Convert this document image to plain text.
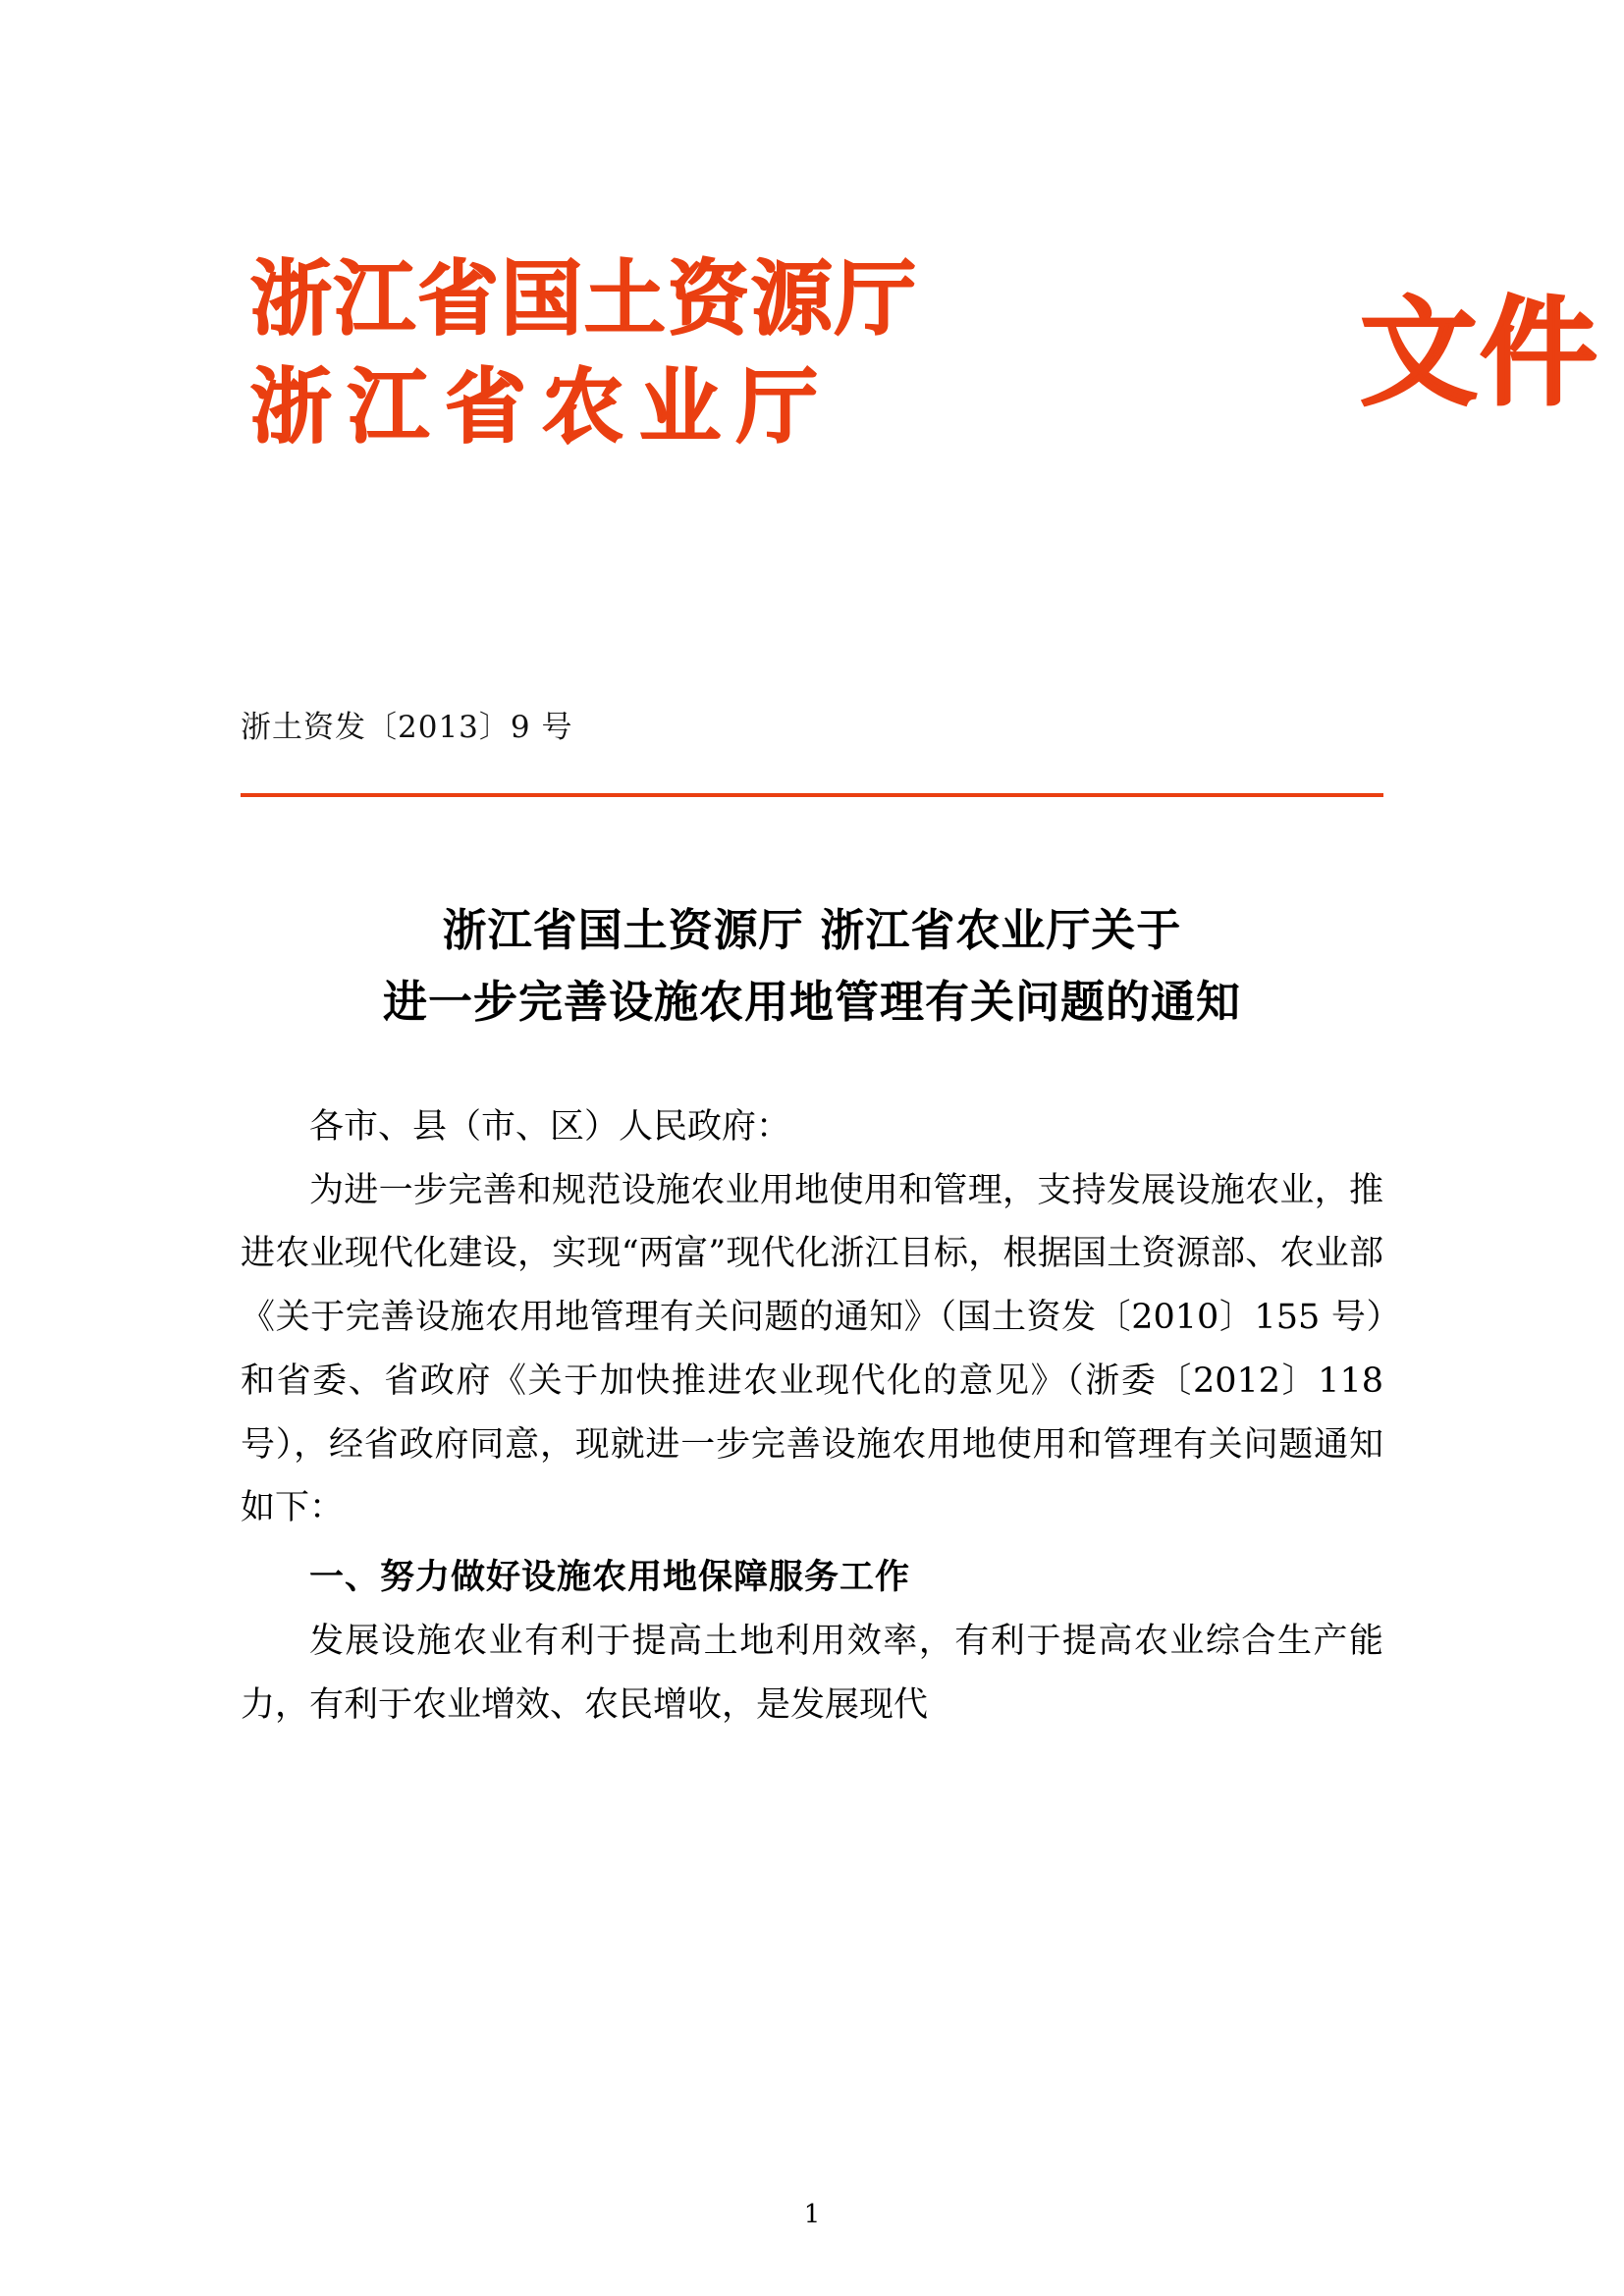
浙江省国土资源厅
浙江省农业厅	文件
浙土资发〔2013〕9 号
浙江省国土资源厅 浙江省农业厅关于
进一步完善设施农用地管理有关问题的通知

各市、县（市、区）人民政府：

为进一步完善和规范设施农业用地使用和管理，支持发展设施农业，推进农业现代化建设，实现“两富”现代化浙江目标，根据国土资源部、农业部《关于完善设施农用地管理有关问题的通知》（国土资发〔2010〕155 号）和省委、省政府《关于加快推进农业现代化的意见》（浙委〔2012〕118 号），经省政府同意，现就进一步完善设施农用地使用和管理有关问题通知如下：

一、努力做好设施农用地保障服务工作

发展设施农业有利于提高土地利用效率，有利于提高农业综合生产能力，有利于农业增效、农民增收，是发展现代

1
